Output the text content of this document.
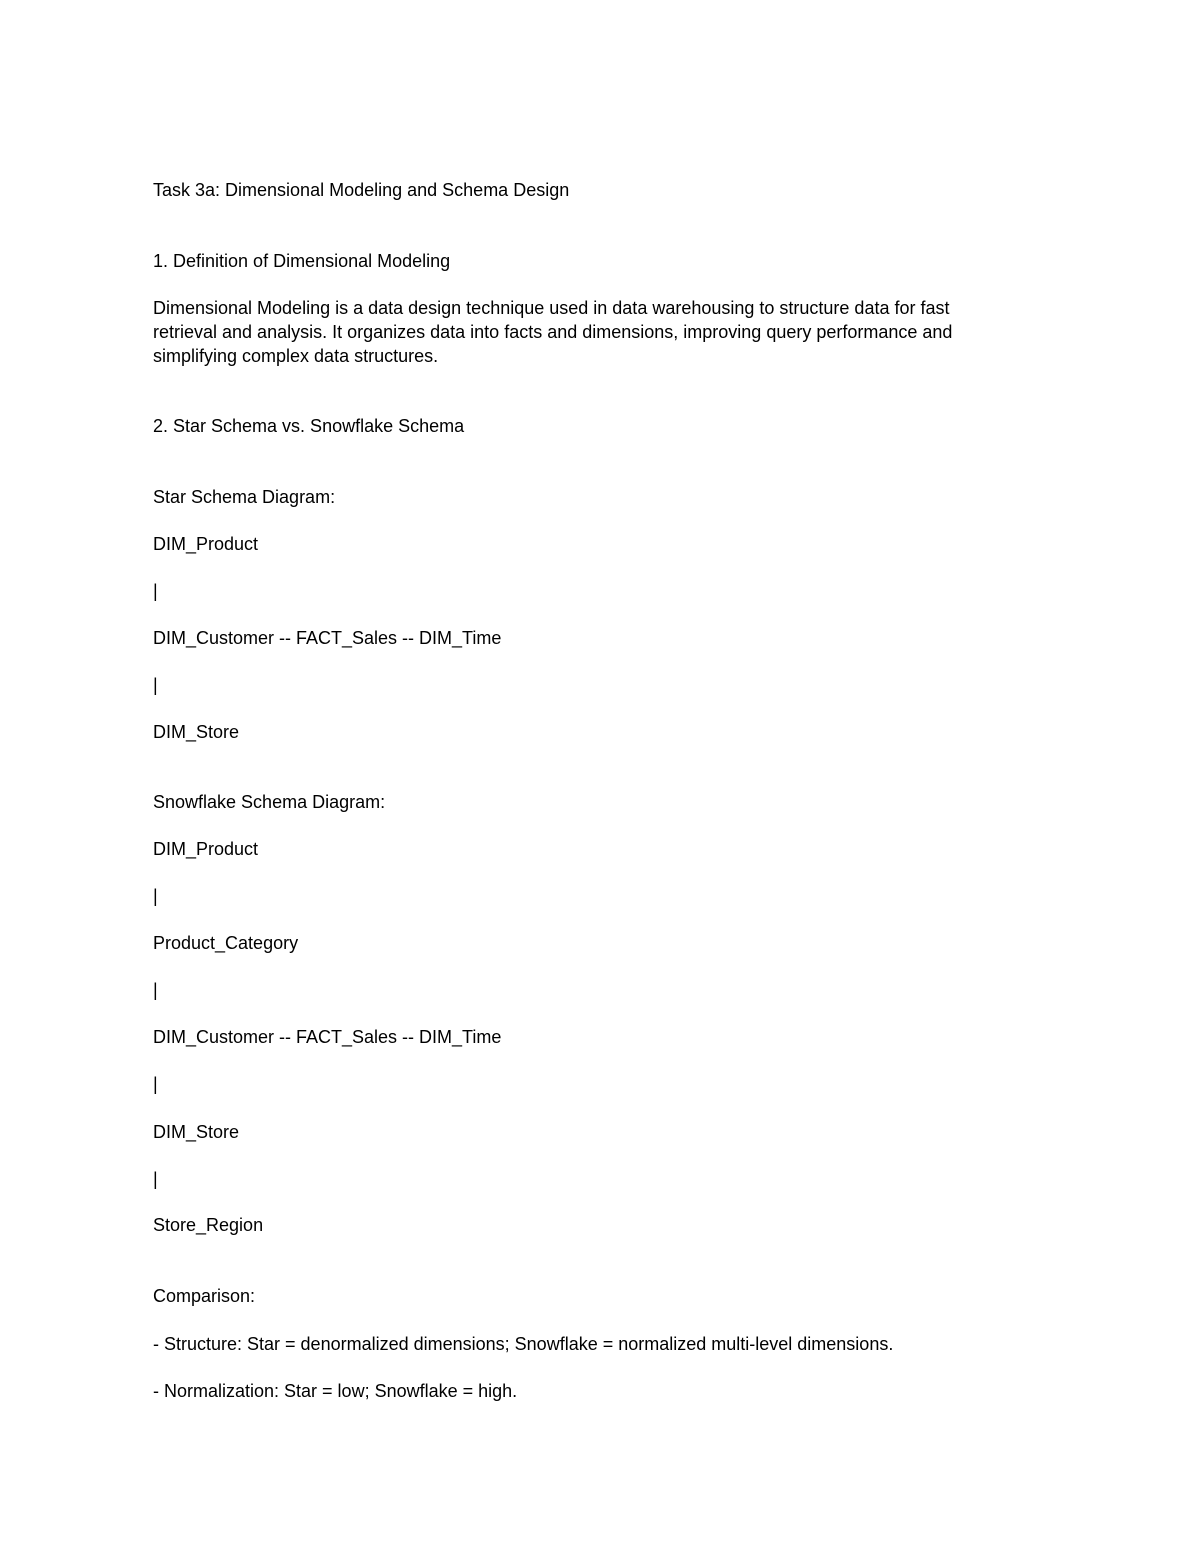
Task 3a: Dimensional Modeling and Schema Design

1. Definition of Dimensional Modeling

Dimensional Modeling is a data design technique used in data warehousing to structure data for fast
retrieval and analysis. It organizes data into facts and dimensions, improving query performance and
simplifying complex data structures.

2. Star Schema vs. Snowflake Schema

Star Schema Diagram:

DIM_Product

|

DIM_Customer -- FACT_Sales -- DIM_Time

|

DIM_Store

Snowflake Schema Diagram:

DIM_Product

|

Product_Category

|

DIM_Customer -- FACT_Sales -- DIM_Time

|

DIM_Store

|

Store_Region

Comparison:

- Structure: Star = denormalized dimensions; Snowflake = normalized multi-level dimensions.

- Normalization: Star = low; Snowflake = high.
